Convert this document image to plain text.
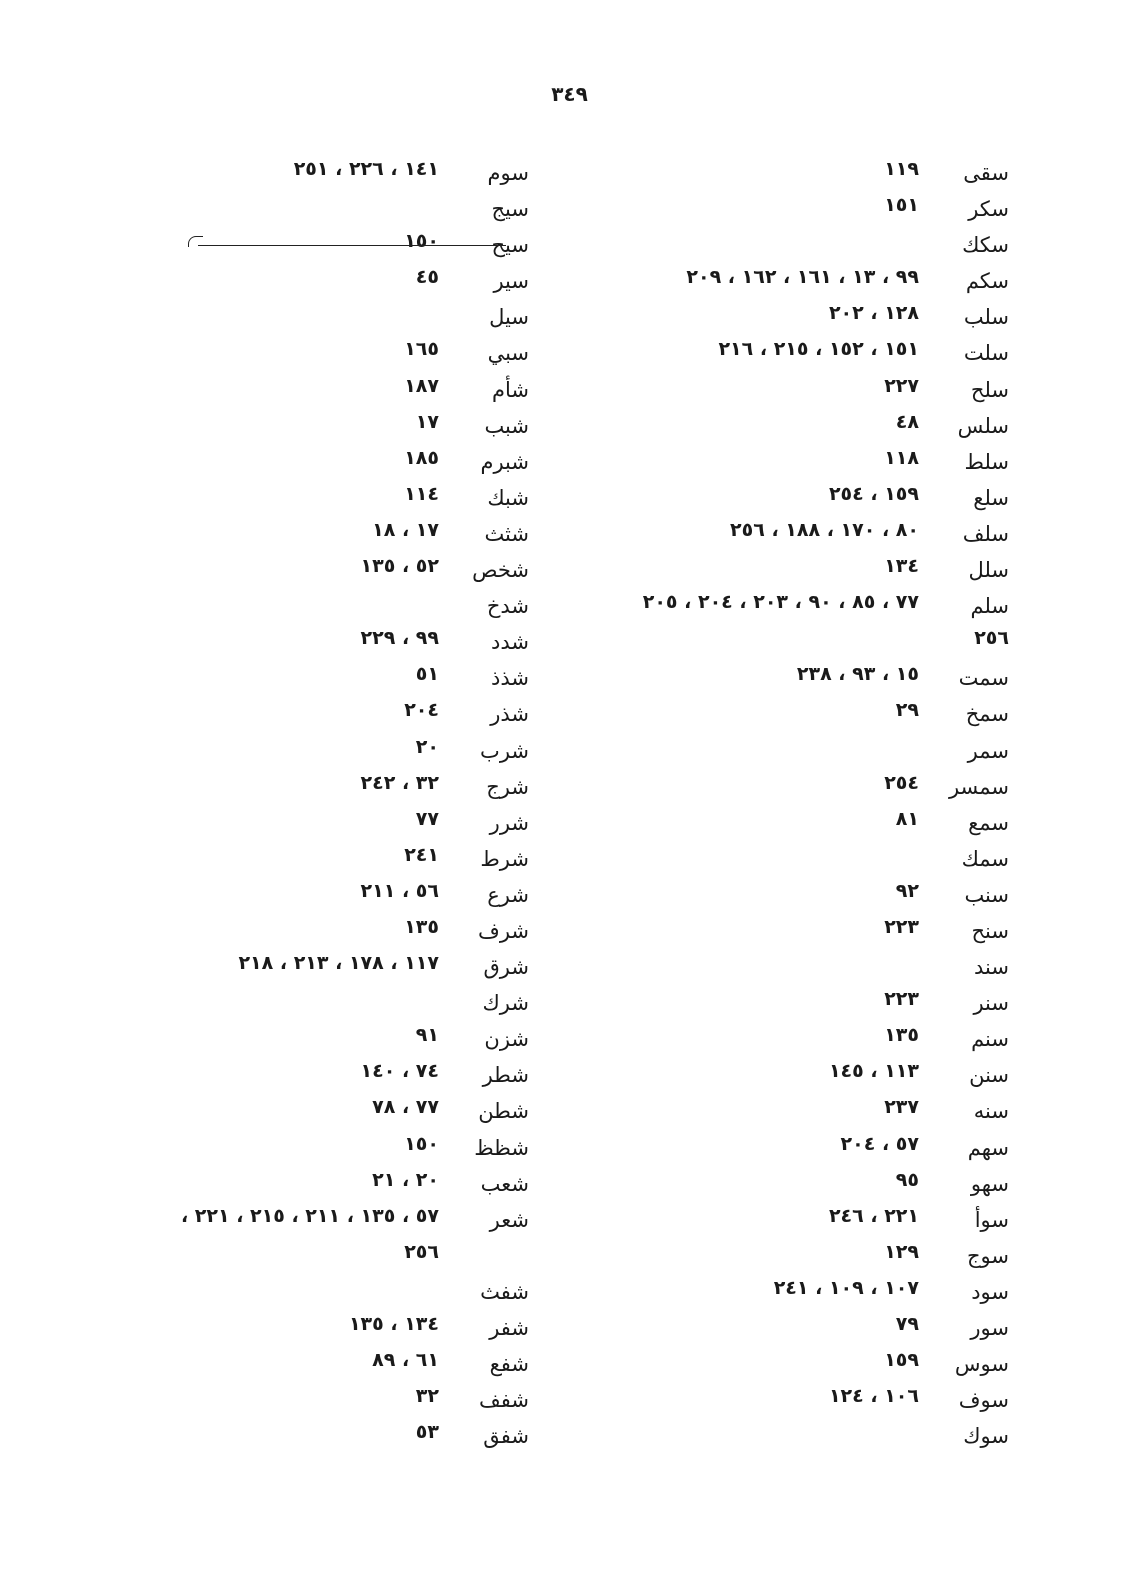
٣٤٩
سقى
١١٩
سكر
١٥١
سكك
سكم
٩٩ ، ١٣ ، ١٦١ ، ١٦٢ ، ٢٠٩
سلب
١٢٨ ، ٢٠٢
سلت
١٥١ ، ١٥٢ ، ٢١٥ ، ٢١٦
سلح
٢٢٧
سلس
٤٨
سلط
١١٨
سلع
١٥٩ ، ٢٥٤
سلف
٨٠ ، ١٧٠ ، ١٨٨ ، ٢٥٦
سلل
١٣٤
سلم
٧٧ ، ٨٥ ، ٩٠ ، ٢٠٣ ، ٢٠٤ ، ٢٠٥
٢٥٦
سمت
١٥ ، ٩٣ ، ٢٣٨
سمخ
٢٩
سمر
سمسر
٢٥٤
سمع
٨١
سمك
سنب
٩٢
سنح
٢٢٣
سند
سنر
٢٢٣
سنم
١٣٥
سنن
١١٣ ، ١٤٥
سنه
٢٣٧
سهم
٥٧ ، ٢٠٤
سهو
٩٥
سوأ
٢٢١ ، ٢٤٦
سوج
١٢٩
سود
١٠٧ ، ١٠٩ ، ٢٤١
سور
٧٩
سوس
١٥٩
سوف
١٠٦ ، ١٢٤
سوك
سوم
١٤١ ، ٢٢٦ ، ٢٥١
سيج
سيح
١٥٠
سير
٤٥
سيل
سبي
١٦٥
شأم
١٨٧
شبب
١٧
شبرم
١٨٥
شبك
١١٤
شثث
١٧ ، ١٨
شخص
٥٢ ، ١٣٥
شدخ
شدد
٩٩ ، ٢٢٩
شذذ
٥١
شذر
٢٠٤
شرب
٢٠
شرج
٣٢ ، ٢٤٢
شرر
٧٧
شرط
٢٤١
شرع
٥٦ ، ٢١١
شرف
١٣٥
شرق
١١٧ ، ١٧٨ ، ٢١٣ ، ٢١٨
شرك
شزن
٩١
شطر
٧٤ ، ١٤٠
شطن
٧٧ ، ٧٨
شظظ
١٥٠
شعب
٢٠ ، ٢١
شعر
٥٧ ، ١٣٥ ، ٢١١ ، ٢١٥ ، ٢٢١ ،
٢٥٦
شفث
شفر
١٣٤ ، ١٣٥
شفع
٦١ ، ٨٩
شفف
٣٢
شفق
٥٣
